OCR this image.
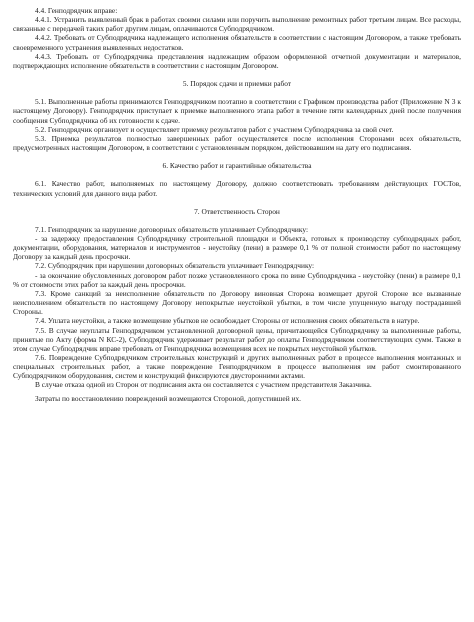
4.4. Генподрядчик вправе:

4.4.1. Устранить выявленный брак в работах своими силами или поручить выполнение ремонтных работ третьим лицам. Все расходы, связанные с передачей таких работ другим лицам, оплачиваются Субподрядчиком.

4.4.2. Требовать от Субподрядчика надлежащего исполнения обязательств в соответствии с настоящим Договором, а также требовать своевременного устранения выявленных недостатков.

4.4.3. Требовать от Субподрядчика представления надлежащим образом оформленной отчетной документации и материалов, подтверждающих исполнение обязательств в соответствии с настоящим Договором.

5. Порядок сдачи и приемки работ

5.1. Выполненные работы принимаются Генподрядчиком поэтапно в соответствии с Графиком производства работ (Приложение N 3 к настоящему Договору). Генподрядчик приступает к приемке выполненного этапа работ в течение пяти календарных дней после получения сообщения Субподрядчика об их готовности к сдаче.

5.2. Генподрядчик организует и осуществляет приемку результатов работ с участием Субподрядчика за свой счет.

5.3. Приемка результатов полностью завершенных работ осуществляется после исполнения Сторонами всех обязательств, предусмотренных настоящим Договором, в соответствии с установленным порядком, действовавшим на дату его подписания.

6. Качество работ и гарантийные обязательства

6.1. Качество работ, выполняемых по настоящему Договору, должно соответствовать требованиям действующих ГОСТов, технических условий для данного вида работ.

7. Ответственность Сторон

7.1. Генподрядчик за нарушение договорных обязательств уплачивает Субподрядчику:

- за задержку предоставления Субподрядчику строительной площадки и Объекта, готовых к производству субподрядных работ, документации, оборудования, материалов и инструментов - неустойку (пени) в размере 0,1 % от полной стоимости работ по настоящему Договору за каждый день просрочки.

7.2. Субподрядчик при нарушении договорных обязательств уплачивает Генподрядчику:

- за окончание обусловленных договором работ позже установленного срока по вине Субподрядчика - неустойку (пени) в размере 0,1 % от стоимости этих работ за каждый день просрочки.

7.3. Кроме санкций за неисполнение обязательств по Договору виновная Сторона возмещает другой Стороне все вызванные неисполнением обязательств по настоящему Договору непокрытые неустойкой убытки, в том числе упущенную выгоду пострадавшей Стороны.

7.4. Уплата неустойки, а также возмещение убытков не освобождает Стороны от исполнения своих обязательств в натуре.

7.5. В случае неуплаты Генподрядчиком установленной договорной цены, причитающейся Субподрядчику за выполненные работы, принятые по Акту (форма N КС-2), Субподрядчик удерживает результат работ до оплаты Генподрядчиком соответствующих сумм. Также в этом случае Субподрядчик вправе требовать от Генподрядчика возмещения всех не покрытых неустойкой убытков.

7.6. Повреждение Субподрядчиком строительных конструкций и других выполненных работ в процессе выполнения монтажных и специальных строительных работ, а также повреждение Генподрядчиком в процессе выполнения им работ смонтированного Субподрядчиком оборудования, систем и конструкций фиксируются двусторонними актами.

В случае отказа одной из Сторон от подписания акта он составляется с участием представителя Заказчика.

Затраты по восстановлению повреждений возмещаются Стороной, допустившей их.
